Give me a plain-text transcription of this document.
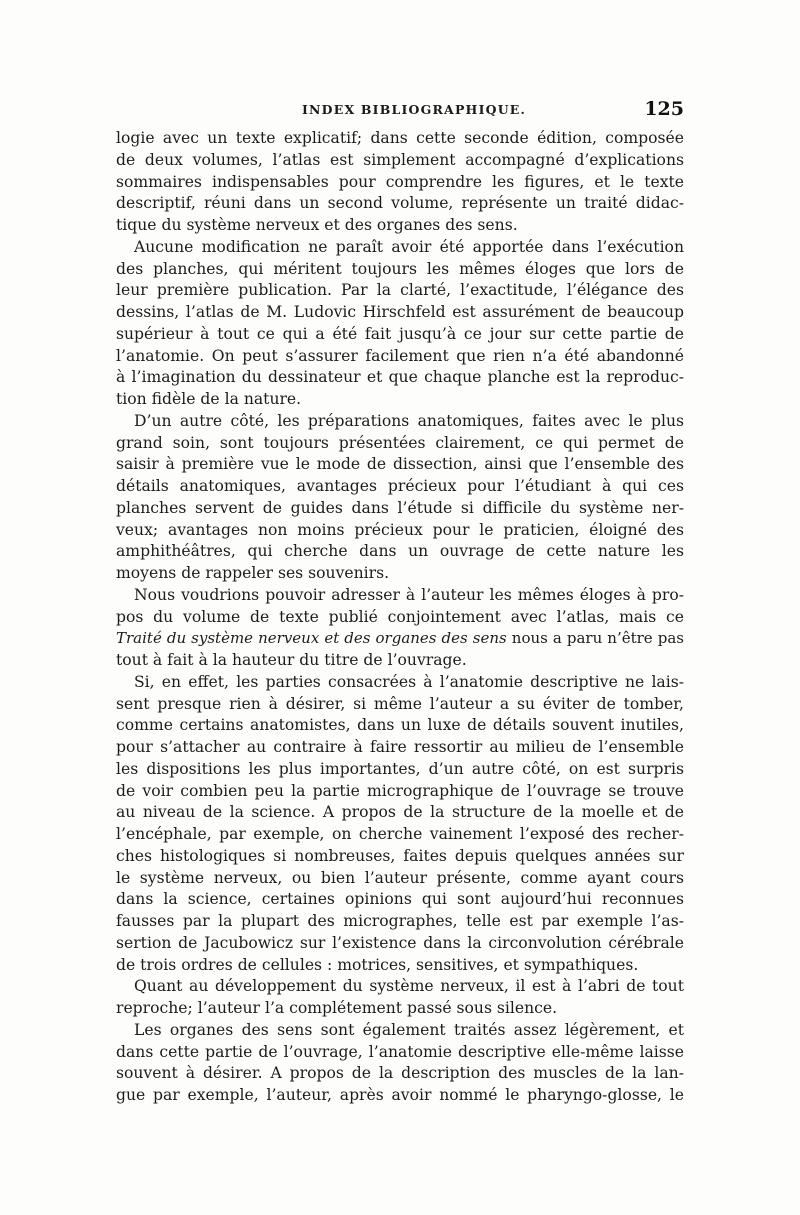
INDEX BIBLIOGRAPHIQUE.	125
logie avec un texte explicatif; dans cette seconde édition, composée
de deux volumes, l’atlas est simplement accompagné d’explications
sommaires indispensables pour comprendre les figures, et le texte
descriptif, réuni dans un second volume, représente un traité didac-
tique du système nerveux et des organes des sens.
Aucune modification ne paraît avoir été apportée dans l’exécution
des planches, qui méritent toujours les mêmes éloges que lors de
leur première publication. Par la clarté, l’exactitude, l’élégance des
dessins, l’atlas de M. Ludovic Hirschfeld est assurément de beaucoup
supérieur à tout ce qui a été fait jusqu’à ce jour sur cette partie de
l’anatomie. On peut s’assurer facilement que rien n’a été abandonné
à l’imagination du dessinateur et que chaque planche est la reproduc-
tion fidèle de la nature.
D’un autre côté, les préparations anatomiques, faites avec le plus
grand soin, sont toujours présentées clairement, ce qui permet de
saisir à première vue le mode de dissection, ainsi que l’ensemble des
détails anatomiques, avantages précieux pour l’étudiant à qui ces
planches servent de guides dans l’étude si difficile du système ner-
veux; avantages non moins précieux pour le praticien, éloigné des
amphithéâtres, qui cherche dans un ouvrage de cette nature les
moyens de rappeler ses souvenirs.
Nous voudrions pouvoir adresser à l’auteur les mêmes éloges à pro-
pos du volume de texte publié conjointement avec l’atlas, mais ce
Traité du système nerveux et des organes des sens nous a paru n’être pas
tout à fait à la hauteur du titre de l’ouvrage.
Si, en effet, les parties consacrées à l’anatomie descriptive ne lais-
sent presque rien à désirer, si même l’auteur a su éviter de tomber,
comme certains anatomistes, dans un luxe de détails souvent inutiles,
pour s’attacher au contraire à faire ressortir au milieu de l’ensemble
les dispositions les plus importantes, d’un autre côté, on est surpris
de voir combien peu la partie micrographique de l’ouvrage se trouve
au niveau de la science. A propos de la structure de la moelle et de
l’encéphale, par exemple, on cherche vainement l’exposé des recher-
ches histologiques si nombreuses, faites depuis quelques années sur
le système nerveux, ou bien l’auteur présente, comme ayant cours
dans la science, certaines opinions qui sont aujourd’hui reconnues
fausses par la plupart des micrographes, telle est par exemple l’as-
sertion de Jacubowicz sur l’existence dans la circonvolution cérébrale
de trois ordres de cellules : motrices, sensitives, et sympathiques.
Quant au développement du système nerveux, il est à l’abri de tout
reproche; l’auteur l’a complétement passé sous silence.
Les organes des sens sont également traités assez légèrement, et
dans cette partie de l’ouvrage, l’anatomie descriptive elle-même laisse
souvent à désirer. A propos de la description des muscles de la lan-
gue par exemple, l’auteur, après avoir nommé le pharyngo-glosse, le
